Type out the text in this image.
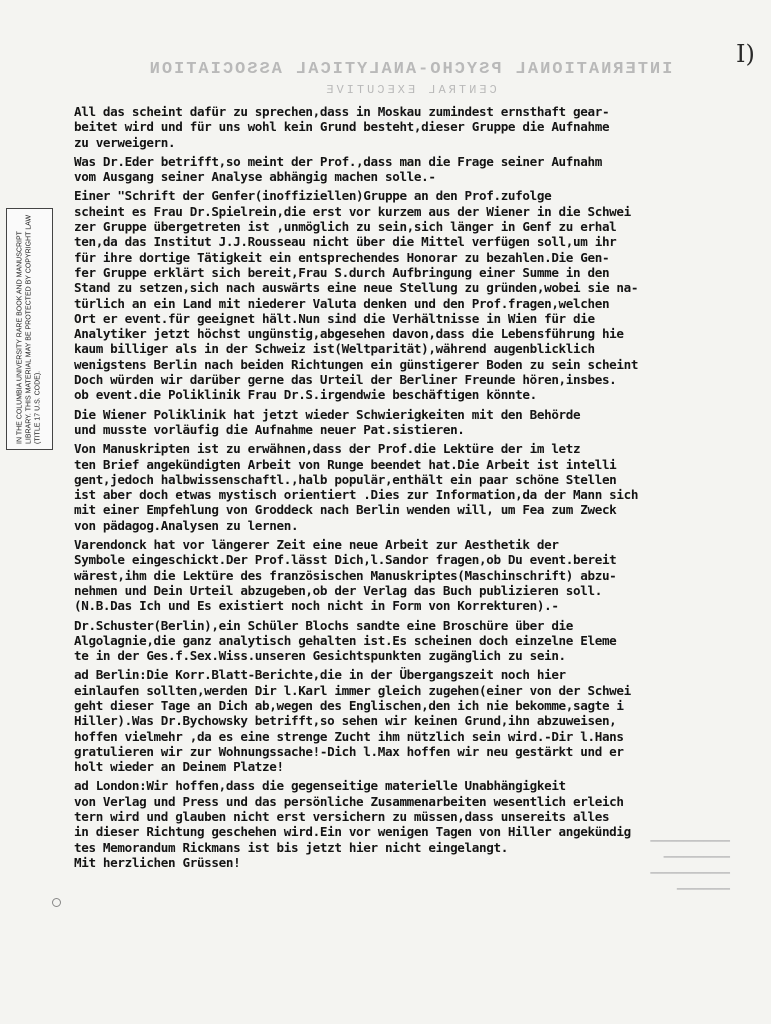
INTERNATIONAL PSYCHO-ANALYTICAL ASSOCIATION
CENTRAL EXECUTIVE
I)
IN THE COLUMBIA UNIVERSITY RARE BOOK AND MANUSCRIPT LIBRARY. THIS MATERIAL MAY BE PROTECTED BY COPYRIGHT LAW (TITLE 17 U.S. CODE).
▁▁▁▁▁▁▁▁▁▁▁▁
▁▁▁▁▁▁▁▁▁▁
▁▁▁▁▁▁▁▁▁▁▁▁
▁▁▁▁▁▁▁▁
All das scheint dafür zu sprechen,dass in Moskau zumindest ernsthaft gear-
beitet wird und für uns wohl kein Grund besteht,dieser Gruppe die Aufnahme
zu verweigern.
Was Dr.Eder betrifft,so meint der Prof.,dass man die Frage seiner Aufnahm
vom Ausgang seiner Analyse abhängig machen solle.-
Einer "Schrift der Genfer(inoffiziellen)Gruppe an den Prof.zufolge
scheint es Frau Dr.Spielrein,die erst vor kurzem aus der Wiener in die Schwei
zer Gruppe übergetreten ist ,unmöglich zu sein,sich länger in Genf zu erhal
ten,da das Institut J.J.Rousseau nicht über die Mittel verfügen soll,um ihr
für ihre dortige Tätigkeit ein entsprechendes Honorar zu bezahlen.Die Gen-
fer Gruppe erklärt sich bereit,Frau S.durch Aufbringung einer Summe in den
Stand zu setzen,sich nach auswärts eine neue Stellung zu gründen,wobei sie na-
türlich an ein Land mit niederer Valuta denken und den Prof.fragen,welchen
Ort er event.für geeignet hält.Nun sind die Verhältnisse in Wien für die
Analytiker jetzt höchst ungünstig,abgesehen davon,dass die Lebensführung hie
kaum billiger als in der Schweiz ist(Weltparität),während augenblicklich
wenigstens Berlin nach beiden Richtungen ein günstigerer Boden zu sein scheint
Doch würden wir darüber gerne das Urteil der Berliner Freunde hören,insbes.
ob event.die Poliklinik Frau Dr.S.irgendwie beschäftigen könnte.
Die Wiener Poliklinik hat jetzt wieder Schwierigkeiten mit den Behörde
und musste vorläufig die Aufnahme neuer Pat.sistieren.
Von Manuskripten ist zu erwähnen,dass der Prof.die Lektüre der im letz
ten Brief angekündigten Arbeit von Runge beendet hat.Die Arbeit ist intelli
gent,jedoch halbwissenschaftl.,halb populär,enthält ein paar schöne Stellen
ist aber doch etwas mystisch orientiert .Dies zur Information,da der Mann sich
mit einer Empfehlung von Groddeck nach Berlin wenden will, um Fea zum Zweck
von pädagog.Analysen zu lernen.
Varendonck hat vor längerer Zeit eine neue Arbeit zur Aesthetik der
Symbole eingeschickt.Der Prof.lässt Dich,l.Sandor fragen,ob Du event.bereit
wärest,ihm die Lektüre des französischen Manuskriptes(Maschinschrift) abzu-
nehmen und Dein Urteil abzugeben,ob der Verlag das Buch publizieren soll.
(N.B.Das Ich und Es existiert noch nicht in Form von Korrekturen).-
Dr.Schuster(Berlin),ein Schüler Blochs sandte eine Broschüre über die
Algolagnie,die ganz analytisch gehalten ist.Es scheinen doch einzelne Eleme
te in der Ges.f.Sex.Wiss.unseren Gesichtspunkten zugänglich zu sein.
ad Berlin:Die Korr.Blatt-Berichte,die in der Übergangszeit noch hier
einlaufen sollten,werden Dir l.Karl immer gleich zugehen(einer von der Schwei
geht dieser Tage an Dich ab,wegen des Englischen,den ich nie bekomme,sagte i
Hiller).Was Dr.Bychowsky betrifft,so sehen wir keinen Grund,ihn abzuweisen,
hoffen vielmehr ,da es eine strenge Zucht ihm nützlich sein wird.-Dir l.Hans
gratulieren wir zur Wohnungssache!-Dich l.Max hoffen wir neu gestärkt und er
holt wieder an Deinem Platze!
ad London:Wir hoffen,dass die gegenseitige materielle Unabhängigkeit
von Verlag und Press und das persönliche Zusammenarbeiten wesentlich erleich
tern wird und glauben nicht erst versichern zu müssen,dass unsereits alles
in dieser Richtung geschehen wird.Ein vor wenigen Tagen von Hiller angekündig
tes Memorandum Rickmans ist bis jetzt hier nicht eingelangt.
Mit herzlichen Grüssen!
